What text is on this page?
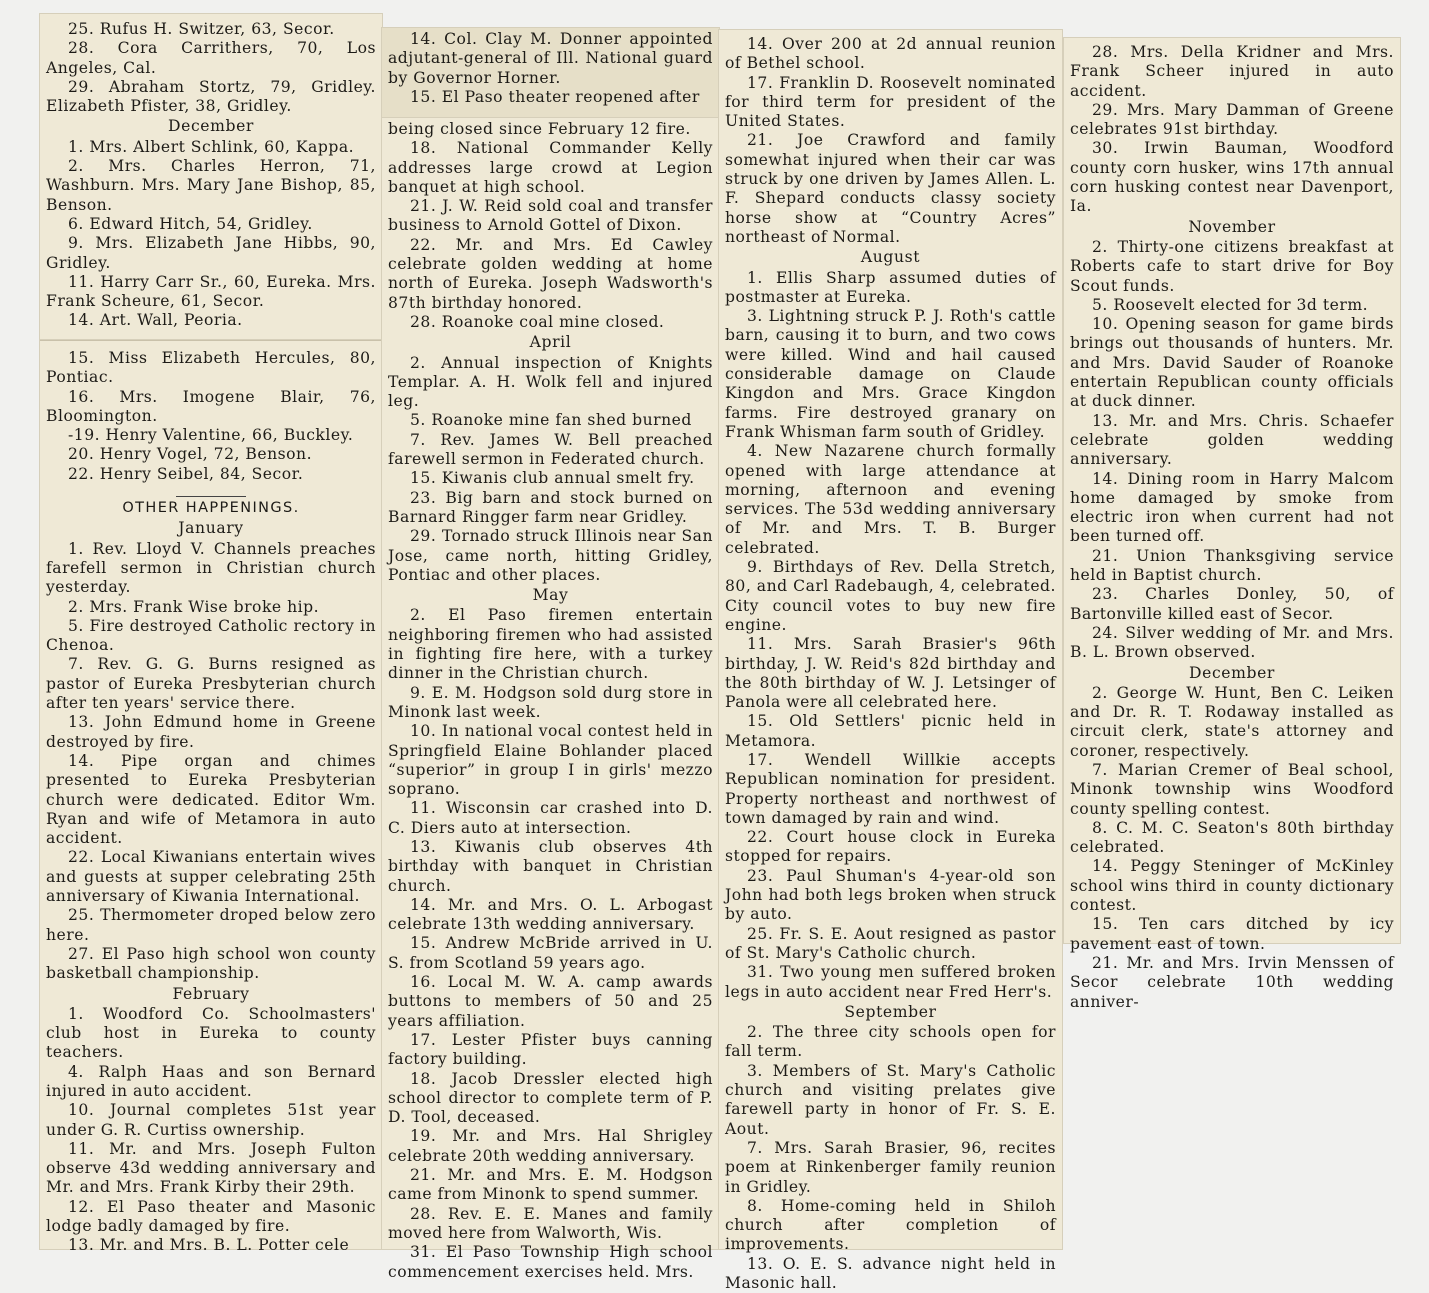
25. Rufus H. Switzer, 63, Secor.

28. Cora Carrithers, 70, Los Angeles, Cal.

29. Abraham Stortz, 79, Gridley. Elizabeth Pfister, 38, Gridley.

December

1. Mrs. Albert Schlink, 60, Kappa.

2. Mrs. Charles Herron, 71, Washburn. Mrs. Mary Jane Bishop, 85, Benson.

6. Edward Hitch, 54, Gridley.

9. Mrs. Elizabeth Jane Hibbs, 90, Gridley.

11. Harry Carr Sr., 60, Eureka. Mrs. Frank Scheure, 61, Secor.

14. Art. Wall, Peoria.

15. Miss Elizabeth Hercules, 80, Pontiac.

16. Mrs. Imogene Blair, 76, Bloomington.

-19. Henry Valentine, 66, Buckley.

20. Henry Vogel, 72, Benson.

22. Henry Seibel, 84, Secor.

OTHER HAPPENINGS.

January

1. Rev. Lloyd V. Channels preaches farefell sermon in Christian church yesterday.

2. Mrs. Frank Wise broke hip.

5. Fire destroyed Catholic rectory in Chenoa.

7. Rev. G. G. Burns resigned as pastor of Eureka Presbyterian church after ten years' service there.

13. John Edmund home in Greene destroyed by fire.

14. Pipe organ and chimes presented to Eureka Presbyterian church were dedicated. Editor Wm. Ryan and wife of Metamora in auto accident.

22. Local Kiwanians entertain wives and guests at supper celebrating 25th anniversary of Kiwania International.

25. Thermometer droped below zero here.

27. El Paso high school won county basketball championship.

February

1. Woodford Co. Schoolmasters' club host in Eureka to county teachers.

4. Ralph Haas and son Bernard injured in auto accident.

10. Journal completes 51st year under G. R. Curtiss ownership.

11. Mr. and Mrs. Joseph Fulton observe 43d wedding anniversary and Mr. and Mrs. Frank Kirby their 29th.

12. El Paso theater and Masonic lodge badly damaged by fire.

13. Mr. and Mrs. B. L. Potter cele

14. Col. Clay M. Donner appointed adjutant-general of Ill. National guard by Governor Horner.

15. El Paso theater reopened after

being closed since February 12 fire.

18. National Commander Kelly addresses large crowd at Legion banquet at high school.

21. J. W. Reid sold coal and transfer business to Arnold Gottel of Dixon.

22. Mr. and Mrs. Ed Cawley celebrate golden wedding at home north of Eureka. Joseph Wadsworth's 87th birthday honored.

28. Roanoke coal mine closed.

April

2. Annual inspection of Knights Templar. A. H. Wolk fell and injured leg.

5. Roanoke mine fan shed burned

7. Rev. James W. Bell preached farewell sermon in Federated church.

15. Kiwanis club annual smelt fry.

23. Big barn and stock burned on Barnard Ringger farm near Gridley.

29. Tornado struck Illinois near San Jose, came north, hitting Gridley, Pontiac and other places.

May

2. El Paso firemen entertain neighboring firemen who had assisted in fighting fire here, with a turkey dinner in the Christian church.

9. E. M. Hodgson sold durg store in Minonk last week.

10. In national vocal contest held in Springfield Elaine Bohlander placed “superior” in group I in girls' mezzo soprano.

11. Wisconsin car crashed into D. C. Diers auto at intersection.

13. Kiwanis club observes 4th birthday with banquet in Christian church.

14. Mr. and Mrs. O. L. Arbogast celebrate 13th wedding anniversary.

15. Andrew McBride arrived in U. S. from Scotland 59 years ago.

16. Local M. W. A. camp awards buttons to members of 50 and 25 years affiliation.

17. Lester Pfister buys canning factory building.

18. Jacob Dressler elected high school director to complete term of P. D. Tool, deceased.

19. Mr. and Mrs. Hal Shrigley celebrate 20th wedding anniversary.

21. Mr. and Mrs. E. M. Hodgson came from Minonk to spend summer.

28. Rev. E. E. Manes and family moved here from Walworth, Wis.

31. El Paso Township High school commencement exercises held. Mrs.

14. Over 200 at 2d annual reunion of Bethel school.

17. Franklin D. Roosevelt nominated for third term for president of the United States.

21. Joe Crawford and family somewhat injured when their car was struck by one driven by James Allen. L. F. Shepard conducts classy society horse show at “Country Acres” northeast of Normal.

August

1. Ellis Sharp assumed duties of postmaster at Eureka.

3. Lightning struck P. J. Roth's cattle barn, causing it to burn, and two cows were killed. Wind and hail caused considerable damage on Claude Kingdon and Mrs. Grace Kingdon farms. Fire destroyed granary on Frank Whisman farm south of Gridley.

4. New Nazarene church formally opened with large attendance at morning, afternoon and evening services. The 53d wedding anniversary of Mr. and Mrs. T. B. Burger celebrated.

9. Birthdays of Rev. Della Stretch, 80, and Carl Radebaugh, 4, celebrated. City council votes to buy new fire engine.

11. Mrs. Sarah Brasier's 96th birthday, J. W. Reid's 82d birthday and the 80th birthday of W. J. Letsinger of Panola were all celebrated here.

15. Old Settlers' picnic held in Metamora.

17. Wendell Willkie accepts Republican nomination for president. Property northeast and northwest of town damaged by rain and wind.

22. Court house clock in Eureka stopped for repairs.

23. Paul Shuman's 4-year-old son John had both legs broken when struck by auto.

25. Fr. S. E. Aout resigned as pastor of St. Mary's Catholic church.

31. Two young men suffered broken legs in auto accident near Fred Herr's.

September

2. The three city schools open for fall term.

3. Members of St. Mary's Catholic church and visiting prelates give farewell party in honor of Fr. S. E. Aout.

7. Mrs. Sarah Brasier, 96, recites poem at Rinkenberger family reunion in Gridley.

8. Home-coming held in Shiloh church after completion of improvements.

13. O. E. S. advance night held in Masonic hall.

28. Mrs. Della Kridner and Mrs. Frank Scheer injured in auto accident.

29. Mrs. Mary Damman of Greene celebrates 91st birthday.

30. Irwin Bauman, Woodford county corn husker, wins 17th annual corn husking contest near Davenport, Ia.

November

2. Thirty-one citizens breakfast at Roberts cafe to start drive for Boy Scout funds.

5. Roosevelt elected for 3d term.

10. Opening season for game birds brings out thousands of hunters. Mr. and Mrs. David Sauder of Roanoke entertain Republican county officials at duck dinner.

13. Mr. and Mrs. Chris. Schaefer celebrate golden wedding anniversary.

14. Dining room in Harry Malcom home damaged by smoke from electric iron when current had not been turned off.

21. Union Thanksgiving service held in Baptist church.

23. Charles Donley, 50, of Bartonville killed east of Secor.

24. Silver wedding of Mr. and Mrs. B. L. Brown observed.

December

2. George W. Hunt, Ben C. Leiken and Dr. R. T. Rodaway installed as circuit clerk, state's attorney and coroner, respectively.

7. Marian Cremer of Beal school, Minonk township wins Woodford county spelling contest.

8. C. M. C. Seaton's 80th birthday celebrated.

14. Peggy Steninger of McKinley school wins third in county dictionary contest.

15. Ten cars ditched by icy pavement east of town.

21. Mr. and Mrs. Irvin Menssen of Secor celebrate 10th wedding anniver-
